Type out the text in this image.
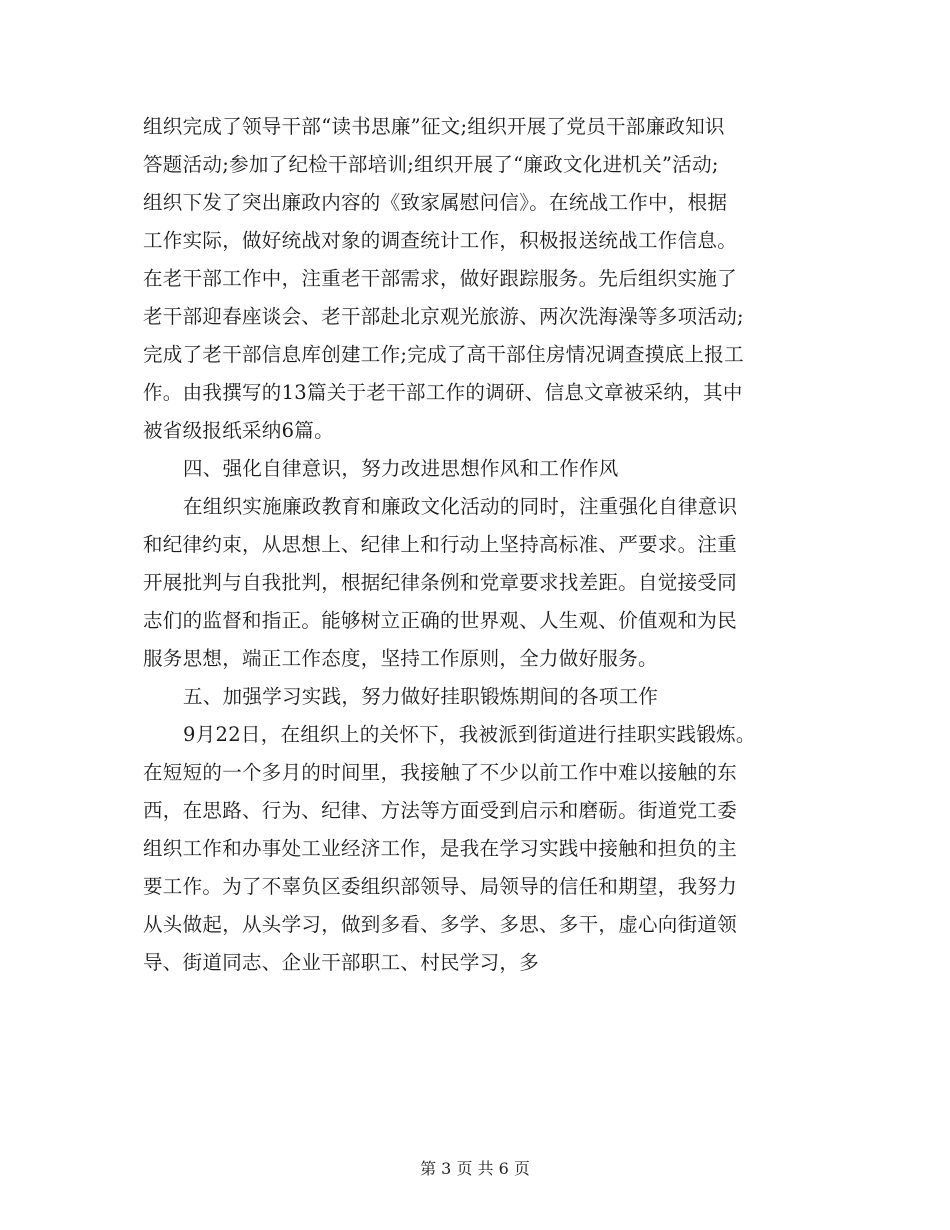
组织完成了领导干部“读书思廉”征文;组织开展了党员干部廉政知识
答题活动;参加了纪检干部培训;组织开展了“廉政文化进机关”活动;
组织下发了突出廉政内容的《致家属慰问信》。在统战工作中，根据
工作实际，做好统战对象的调查统计工作，积极报送统战工作信息。
在老干部工作中，注重老干部需求，做好跟踪服务。先后组织实施了
老干部迎春座谈会、老干部赴北京观光旅游、两次洗海澡等多项活动;
完成了老干部信息库创建工作;完成了高干部住房情况调查摸底上报工
作。由我撰写的13篇关于老干部工作的调研、信息文章被采纳，其中
被省级报纸采纳6篇。
四、强化自律意识，努力改进思想作风和工作作风
在组织实施廉政教育和廉政文化活动的同时，注重强化自律意识
和纪律约束，从思想上、纪律上和行动上坚持高标准、严要求。注重
开展批判与自我批判，根据纪律条例和党章要求找差距。自觉接受同
志们的监督和指正。能够树立正确的世界观、人生观、价值观和为民
服务思想，端正工作态度，坚持工作原则，全力做好服务。
五、加强学习实践，努力做好挂职锻炼期间的各项工作
9月22日，在组织上的关怀下，我被派到街道进行挂职实践锻炼。
在短短的一个多月的时间里，我接触了不少以前工作中难以接触的东
西，在思路、行为、纪律、方法等方面受到启示和磨砺。街道党工委
组织工作和办事处工业经济工作，是我在学习实践中接触和担负的主
要工作。为了不辜负区委组织部领导、局领导的信任和期望，我努力
从头做起，从头学习，做到多看、多学、多思、多干，虚心向街道领
导、街道同志、企业干部职工、村民学习，多
第 3 页 共 6 页
